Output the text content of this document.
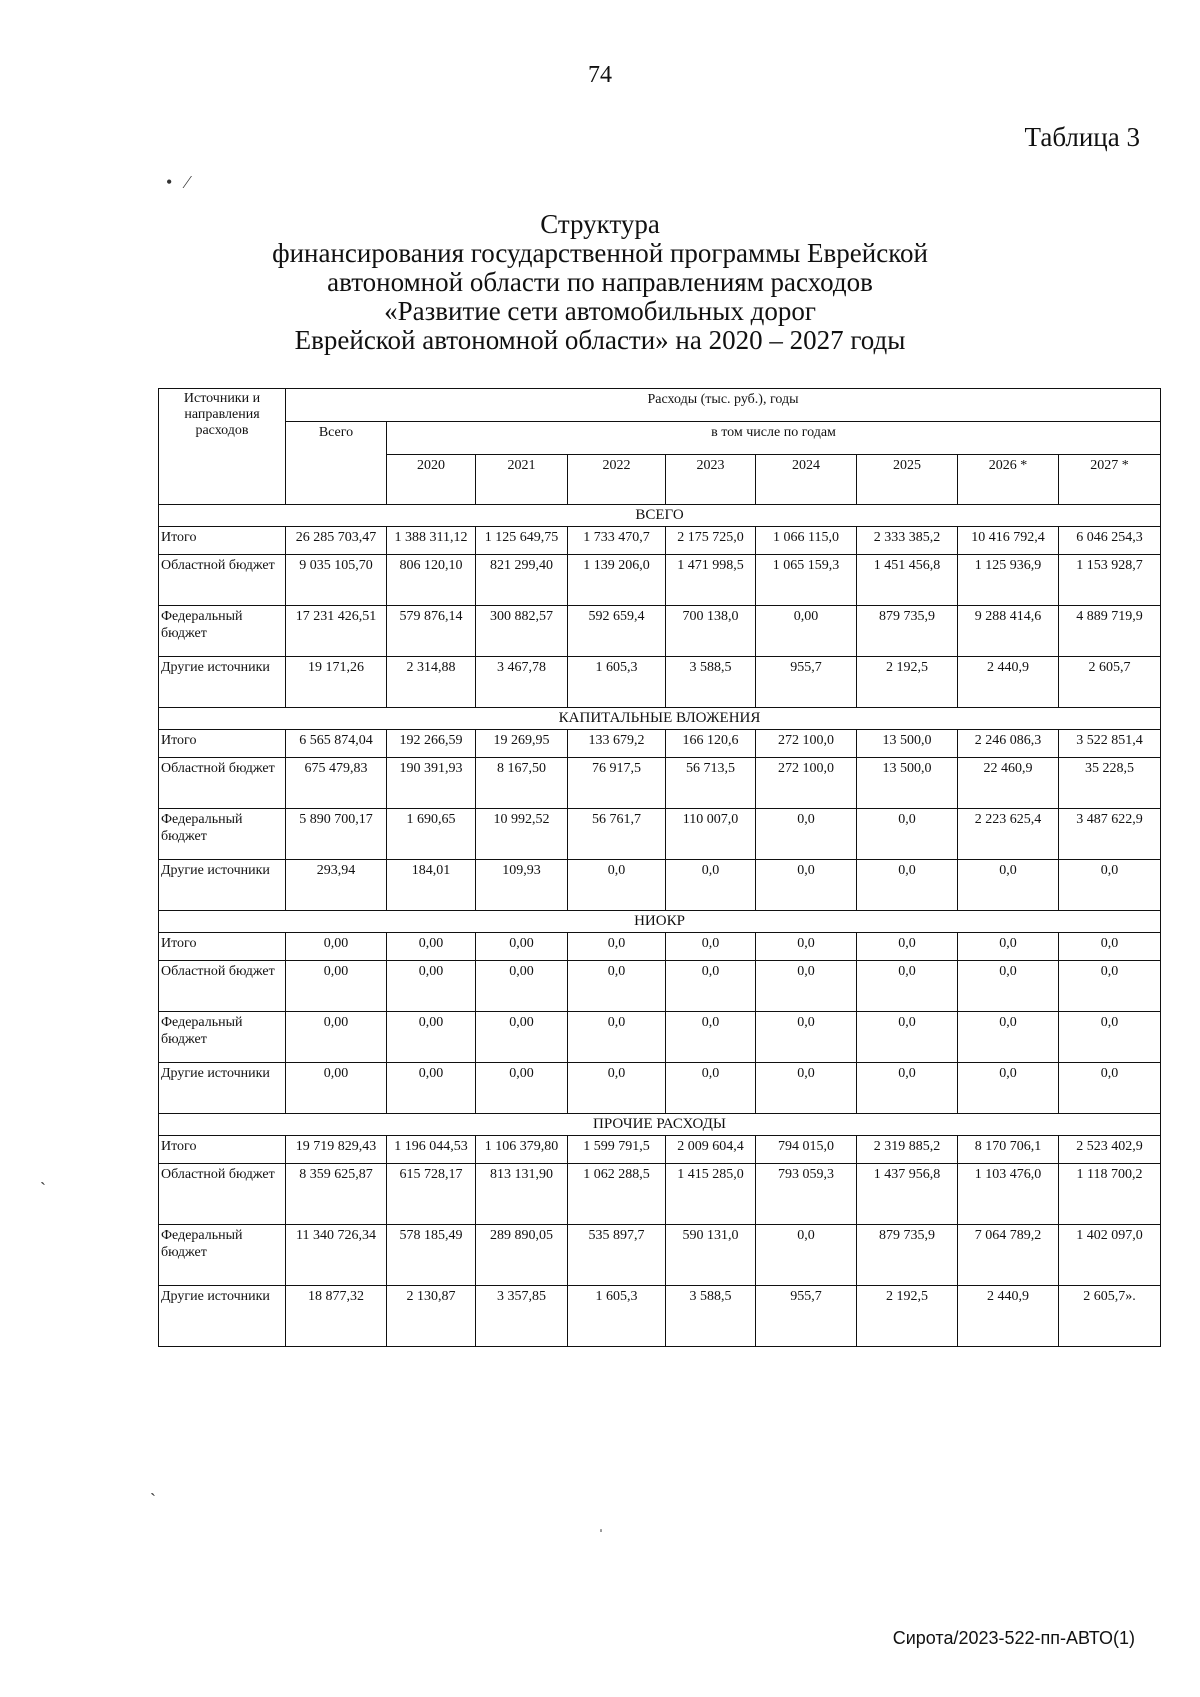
74
Таблица 3
•   ⁄
Структура
финансирования государственной программы Еврейской
автономной области по направлениям расходов
«Развитие сети автомобильных дорог
Еврейской автономной области» на 2020 – 2027 годы
Источники и направления расходов	Расходы (тыс. руб.), годы								
	Всего	в том числе по годам							
		2020	2021	2022	2023	2024	2025	2026 *	2027 *
ВСЕГО									
Итого	26 285 703,47	1 388 311,12	1 125 649,75	1 733 470,7	2 175 725,0	1 066 115,0	2 333 385,2	10 416 792,4	6 046 254,3
Областной бюджет	9 035 105,70	806 120,10	821 299,40	1 139 206,0	1 471 998,5	1 065 159,3	1 451 456,8	1 125 936,9	1 153 928,7
Федеральный бюджет	17 231 426,51	579 876,14	300 882,57	592 659,4	700 138,0	0,00	879 735,9	9 288 414,6	4 889 719,9
Другие источники	19 171,26	2 314,88	3 467,78	1 605,3	3 588,5	955,7	2 192,5	2 440,9	2 605,7
КАПИТАЛЬНЫЕ ВЛОЖЕНИЯ									
Итого	6 565 874,04	192 266,59	19 269,95	133 679,2	166 120,6	272 100,0	13 500,0	2 246 086,3	3 522 851,4
Областной бюджет	675 479,83	190 391,93	8 167,50	76 917,5	56 713,5	272 100,0	13 500,0	22 460,9	35 228,5
Федеральный бюджет	5 890 700,17	1 690,65	10 992,52	56 761,7	110 007,0	0,0	0,0	2 223 625,4	3 487 622,9
Другие источники	293,94	184,01	109,93	0,0	0,0	0,0	0,0	0,0	0,0
НИОКР									
Итого	0,00	0,00	0,00	0,0	0,0	0,0	0,0	0,0	0,0
Областной бюджет	0,00	0,00	0,00	0,0	0,0	0,0	0,0	0,0	0,0
Федеральный бюджет	0,00	0,00	0,00	0,0	0,0	0,0	0,0	0,0	0,0
Другие источники	0,00	0,00	0,00	0,0	0,0	0,0	0,0	0,0	0,0
ПРОЧИЕ РАСХОДЫ									
Итого	19 719 829,43	1 196 044,53	1 106 379,80	1 599 791,5	2 009 604,4	794 015,0	2 319 885,2	8 170 706,1	2 523 402,9
Областной бюджет	8 359 625,87	615 728,17	813 131,90	1 062 288,5	1 415 285,0	793 059,3	1 437 956,8	1 103 476,0	1 118 700,2
Федеральный бюджет	11 340 726,34	578 185,49	289 890,05	535 897,7	590 131,0	0,0	879 735,9	7 064 789,2	1 402 097,0
Другие источники	18 877,32	2 130,87	3 357,85	1 605,3	3 588,5	955,7	2 192,5	2 440,9	2 605,7».
ˏ
ˋ
ˌ
Сирота/2023-522-пп-АВТО(1)
